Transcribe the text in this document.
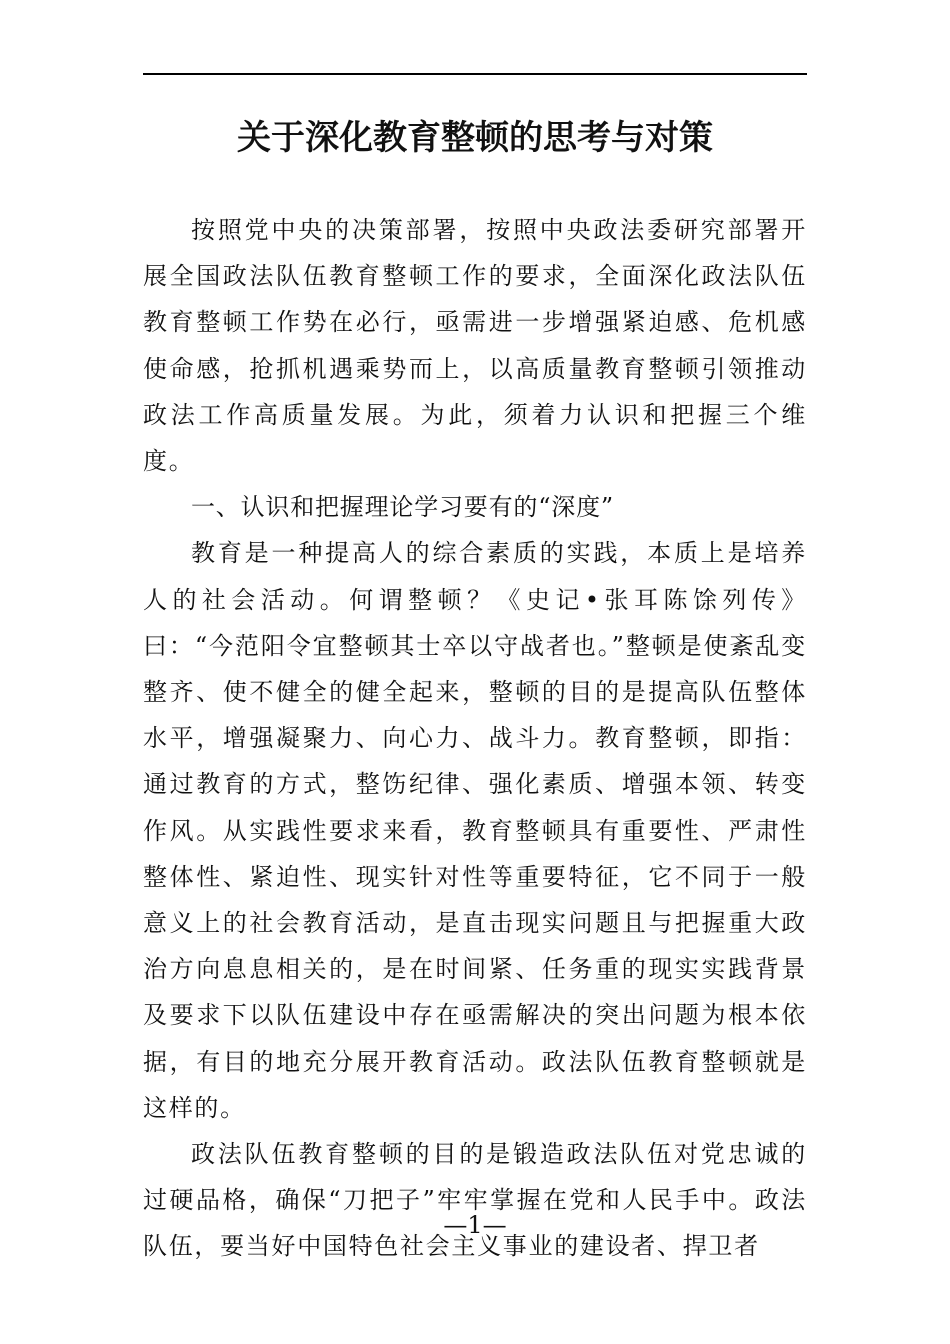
关于深化教育整顿的思考与对策

按照党中央的决策部署，按照中央政法委研究部署开展全国政法队伍教育整顿工作的要求，全面深化政法队伍教育整顿工作势在必行，亟需进一步增强紧迫感、危机感使命感，抢抓机遇乘势而上，以高质量教育整顿引领推动政法工作高质量发展。为此，须着力认识和把握三个维度。

一、认识和把握理论学习要有的“深度”

教育是一种提高人的综合素质的实践，本质上是培养人的社会活动。何谓整顿？《史记•张耳陈馀列传》曰：“今范阳令宜整顿其士卒以守战者也。”整顿是使紊乱变整齐、使不健全的健全起来，整顿的目的是提高队伍整体水平，增强凝聚力、向心力、战斗力。教育整顿，即指：通过教育的方式，整饬纪律、强化素质、增强本领、转变作风。从实践性要求来看，教育整顿具有重要性、严肃性整体性、紧迫性、现实针对性等重要特征，它不同于一般意义上的社会教育活动，是直击现实问题且与把握重大政治方向息息相关的，是在时间紧、任务重的现实实践背景及要求下以队伍建设中存在亟需解决的突出问题为根本依据，有目的地充分展开教育活动。政法队伍教育整顿就是这样的。

政法队伍教育整顿的目的是锻造政法队伍对党忠诚的过硬品格，确保“刀把子”牢牢掌握在党和人民手中。政法队伍，要当好中国特色社会主义事业的建设者、捍卫者

—1—
